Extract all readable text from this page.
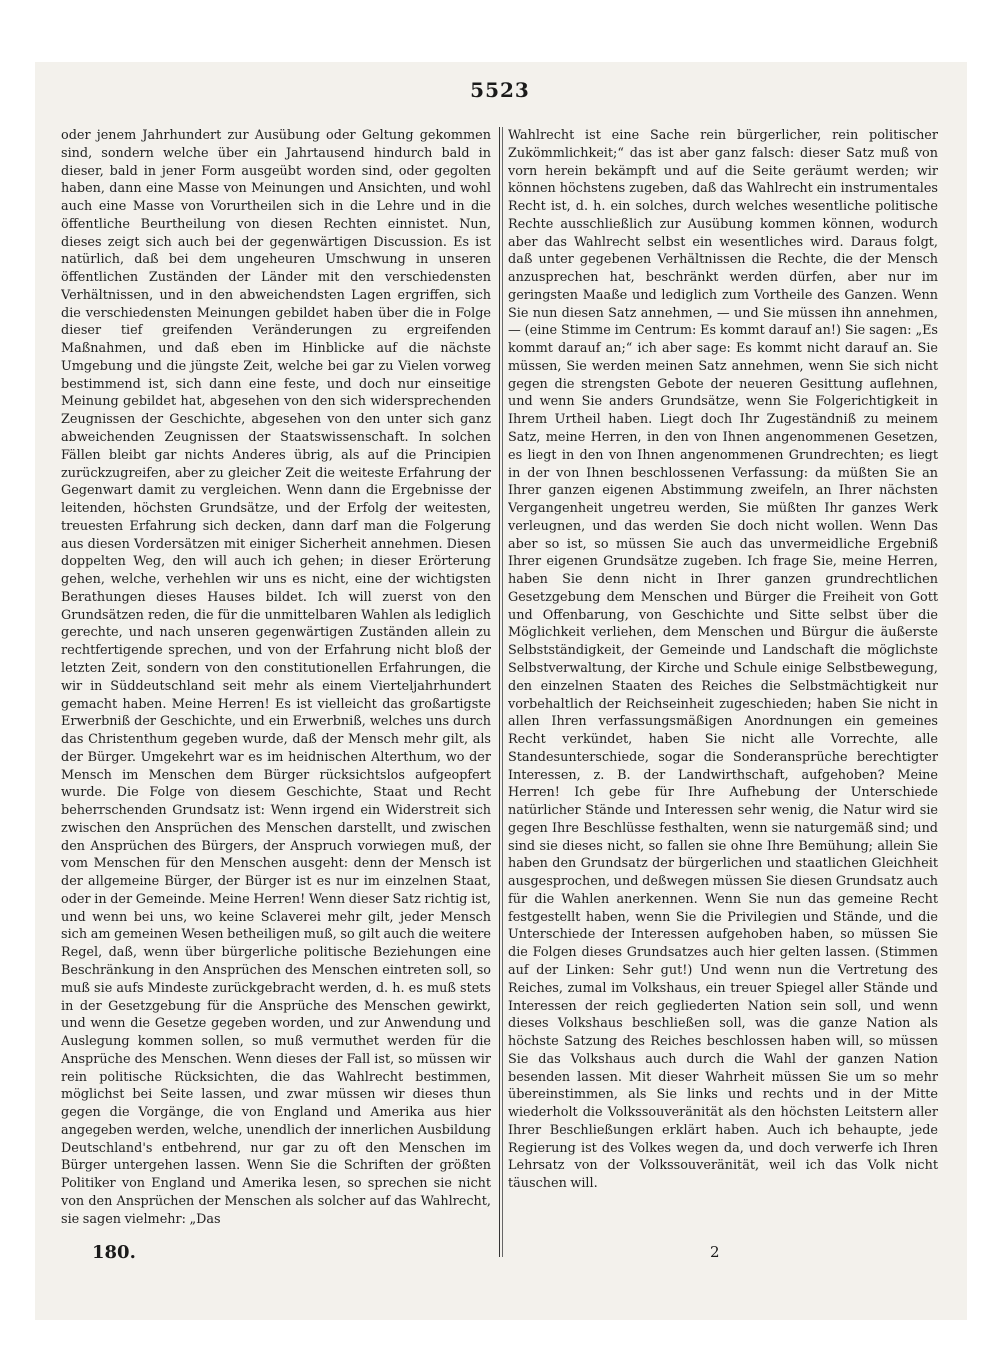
5523

oder jenem Jahrhundert zur Ausübung oder Geltung gekommen sind, sondern welche über ein Jahrtausend hindurch bald in dieser, bald in jener Form ausgeübt worden sind, oder gegolten haben, dann eine Masse von Meinungen und Ansichten, und wohl auch eine Masse von Vorurtheilen sich in die Lehre und in die öffentliche Beurtheilung von diesen Rechten einnistet. Nun, dieses zeigt sich auch bei der gegenwärtigen Discussion. Es ist natürlich, daß bei dem ungeheuren Umschwung in unseren öffentlichen Zuständen der Länder mit den verschiedensten Verhältnissen, und in den abweichendsten Lagen ergriffen, sich die verschiedensten Meinungen gebildet haben über die in Folge dieser tief greifenden Veränderungen zu ergreifenden Maßnahmen, und daß eben im Hinblicke auf die nächste Umgebung und die jüngste Zeit, welche bei gar zu Vielen vorweg bestimmend ist, sich dann eine feste, und doch nur einseitige Meinung gebildet hat, abgesehen von den sich widersprechenden Zeugnissen der Geschichte, abgesehen von den unter sich ganz abweichenden Zeugnissen der Staatswissenschaft. In solchen Fällen bleibt gar nichts Anderes übrig, als auf die Principien zurückzugreifen, aber zu gleicher Zeit die weiteste Erfahrung der Gegenwart damit zu vergleichen. Wenn dann die Ergebnisse der leitenden, höchsten Grundsätze, und der Erfolg der weitesten, treuesten Erfahrung sich decken, dann darf man die Folgerung aus diesen Vordersätzen mit einiger Sicherheit annehmen. Diesen doppelten Weg, den will auch ich gehen; in dieser Erörterung gehen, welche, verhehlen wir uns es nicht, eine der wichtigsten Berathungen dieses Hauses bildet. Ich will zuerst von den Grundsätzen reden, die für die unmittelbaren Wahlen als lediglich gerechte, und nach unseren gegenwärtigen Zuständen allein zu rechtfertigende sprechen, und von der Erfahrung nicht bloß der letzten Zeit, sondern von den constitutionellen Erfahrungen, die wir in Süddeutschland seit mehr als einem Vierteljahrhundert gemacht haben. Meine Herren! Es ist vielleicht das großartigste Erwerbniß der Geschichte, und ein Erwerbniß, welches uns durch das Christenthum gegeben wurde, daß der Mensch mehr gilt, als der Bürger. Umgekehrt war es im heidnischen Alterthum, wo der Mensch im Menschen dem Bürger rücksichtslos aufgeopfert wurde. Die Folge von diesem Geschichte, Staat und Recht beherrschenden Grundsatz ist: Wenn irgend ein Widerstreit sich zwischen den Ansprüchen des Menschen darstellt, und zwischen den Ansprüchen des Bürgers, der Anspruch vorwiegen muß, der vom Menschen für den Menschen ausgeht: denn der Mensch ist der allgemeine Bürger, der Bürger ist es nur im einzelnen Staat, oder in der Gemeinde. Meine Herren! Wenn dieser Satz richtig ist, und wenn bei uns, wo keine Sclaverei mehr gilt, jeder Mensch sich am gemeinen Wesen betheiligen muß, so gilt auch die weitere Regel, daß, wenn über bürgerliche politische Beziehungen eine Beschränkung in den Ansprüchen des Menschen eintreten soll, so muß sie aufs Mindeste zurückgebracht werden, d. h. es muß stets in der Gesetzgebung für die Ansprüche des Menschen gewirkt, und wenn die Gesetze gegeben worden, und zur Anwendung und Auslegung kommen sollen, so muß vermuthet werden für die Ansprüche des Menschen. Wenn dieses der Fall ist, so müssen wir rein politische Rücksichten, die das Wahlrecht bestimmen, möglichst bei Seite lassen, und zwar müssen wir dieses thun gegen die Vorgänge, die von England und Amerika aus hier angegeben werden, welche, unendlich der innerlichen Ausbildung Deutschland's entbehrend, nur gar zu oft den Menschen im Bürger untergehen lassen. Wenn Sie die Schriften der größten Politiker von England und Amerika lesen, so sprechen sie nicht von den Ansprüchen der Menschen als solcher auf das Wahlrecht, sie sagen vielmehr: „Das

Wahlrecht ist eine Sache rein bürgerlicher, rein politischer Zukömmlichkeit;“ das ist aber ganz falsch: dieser Satz muß von vorn herein bekämpft und auf die Seite geräumt werden; wir können höchstens zugeben, daß das Wahlrecht ein instrumentales Recht ist, d. h. ein solches, durch welches wesentliche politische Rechte ausschließlich zur Ausübung kommen können, wodurch aber das Wahlrecht selbst ein wesentliches wird. Daraus folgt, daß unter gegebenen Verhältnissen die Rechte, die der Mensch anzusprechen hat, beschränkt werden dürfen, aber nur im geringsten Maaße und lediglich zum Vortheile des Ganzen. Wenn Sie nun diesen Satz annehmen, — und Sie müssen ihn annehmen, — (eine Stimme im Centrum: Es kommt darauf an!) Sie sagen: „Es kommt darauf an;“ ich aber sage: Es kommt nicht darauf an. Sie müssen, Sie werden meinen Satz annehmen, wenn Sie sich nicht gegen die strengsten Gebote der neueren Gesittung auflehnen, und wenn Sie anders Grundsätze, wenn Sie Folgerichtigkeit in Ihrem Urtheil haben. Liegt doch Ihr Zugeständniß zu meinem Satz, meine Herren, in den von Ihnen angenommenen Gesetzen, es liegt in den von Ihnen angenommenen Grundrechten; es liegt in der von Ihnen beschlossenen Verfassung: da müßten Sie an Ihrer ganzen eigenen Abstimmung zweifeln, an Ihrer nächsten Vergangenheit ungetreu werden, Sie müßten Ihr ganzes Werk verleugnen, und das werden Sie doch nicht wollen. Wenn Das aber so ist, so müssen Sie auch das unvermeidliche Ergebniß Ihrer eigenen Grundsätze zugeben. Ich frage Sie, meine Herren, haben Sie denn nicht in Ihrer ganzen grundrechtlichen Gesetzgebung dem Menschen und Bürger die Freiheit von Gott und Offenbarung, von Geschichte und Sitte selbst über die Möglichkeit verliehen, dem Menschen und Bürgur die äußerste Selbstständigkeit, der Gemeinde und Landschaft die möglichste Selbstverwaltung, der Kirche und Schule einige Selbstbewegung, den einzelnen Staaten des Reiches die Selbstmächtigkeit nur vorbehaltlich der Reichseinheit zugeschieden; haben Sie nicht in allen Ihren verfassungsmäßigen Anordnungen ein gemeines Recht verkündet, haben Sie nicht alle Vorrechte, alle Standesunterschiede, sogar die Sonderansprüche berechtigter Interessen, z. B. der Landwirthschaft, aufgehoben? Meine Herren! Ich gebe für Ihre Aufhebung der Unterschiede natürlicher Stände und Interessen sehr wenig, die Natur wird sie gegen Ihre Beschlüsse festhalten, wenn sie naturgemäß sind; und sind sie dieses nicht, so fallen sie ohne Ihre Bemühung; allein Sie haben den Grundsatz der bürgerlichen und staatlichen Gleichheit ausgesprochen, und deßwegen müssen Sie diesen Grundsatz auch für die Wahlen anerkennen. Wenn Sie nun das gemeine Recht festgestellt haben, wenn Sie die Privilegien und Stände, und die Unterschiede der Interessen aufgehoben haben, so müssen Sie die Folgen dieses Grundsatzes auch hier gelten lassen. (Stimmen auf der Linken: Sehr gut!) Und wenn nun die Vertretung des Reiches, zumal im Volkshaus, ein treuer Spiegel aller Stände und Interessen der reich gegliederten Nation sein soll, und wenn dieses Volkshaus beschließen soll, was die ganze Nation als höchste Satzung des Reiches beschlossen haben will, so müssen Sie das Volkshaus auch durch die Wahl der ganzen Nation besenden lassen. Mit dieser Wahrheit müssen Sie um so mehr übereinstimmen, als Sie links und rechts und in der Mitte wiederholt die Volkssouveränität als den höchsten Leitstern aller Ihrer Beschließungen erklärt haben. Auch ich behaupte, jede Regierung ist des Volkes wegen da, und doch verwerfe ich Ihren Lehrsatz von der Volkssouveränität, weil ich das Volk nicht täuschen will.

180.	2
